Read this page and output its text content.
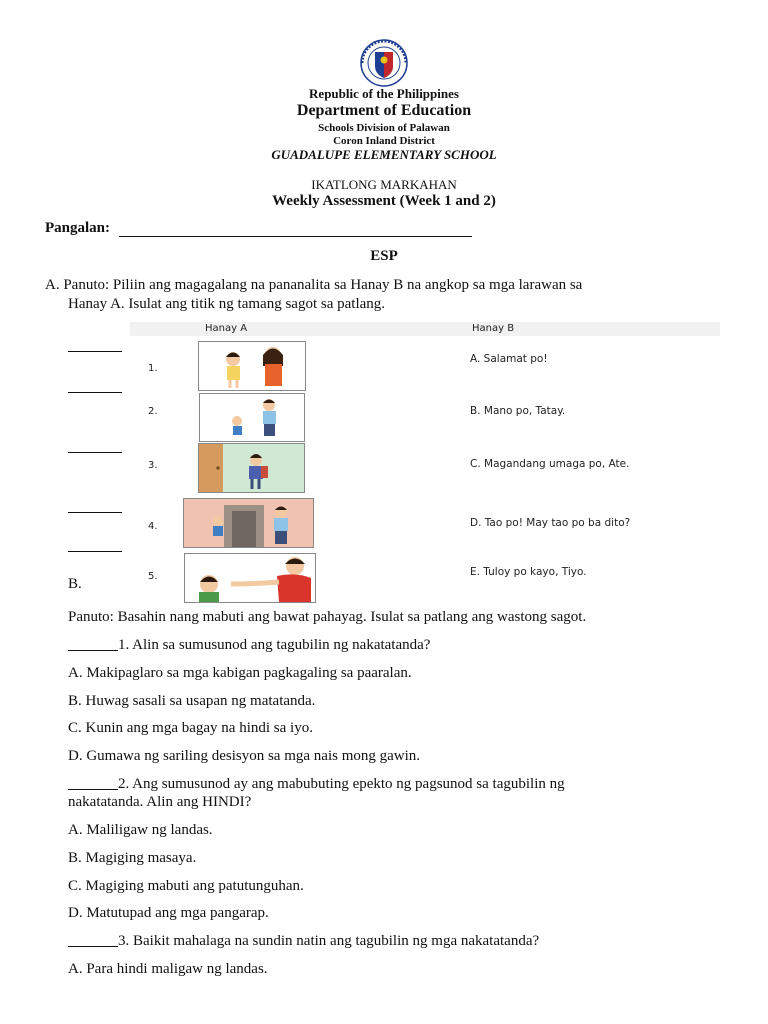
Republic of the Philippines
Department of Education
Schools Division of Palawan
Coron Inland District
GUADALUPE ELEMENTARY SCHOOL
IKATLONG MARKAHAN
Weekly Assessment (Week 1 and 2)
Pangalan:
ESP
A. Panuto: Piliin ang magagalang na pananalita sa Hanay B na angkop sa mga larawan sa
Hanay A. Isulat ang titik ng tamang sagot sa patlang.
Hanay A	Hanay B
1.
2.
3.
4.
5.
A. Salamat po!
B. Mano po, Tatay.
C. Magandang umaga po, Ate.
D. Tao po! May tao po ba dito?
E. Tuloy po kayo, Tiyo.
B.
Panuto: Basahin nang mabuti ang bawat pahayag. Isulat sa patlang ang wastong sagot.
1. Alin sa sumusunod ang tagubilin ng nakatatanda?
A. Makipaglaro sa mga kabigan pagkagaling sa paaralan.
B. Huwag sasali sa usapan ng matatanda.
C. Kunin ang mga bagay na hindi sa iyo.
D. Gumawa ng sariling desisyon sa mga nais mong gawin.
2. Ang sumusunod ay ang mabubuting epekto ng pagsunod sa tagubilin ng
nakatatanda. Alin ang HINDI?
A. Maliligaw ng landas.
B. Magiging masaya.
C. Magiging mabuti ang patutunguhan.
D. Matutupad ang mga pangarap.
3. Baikit mahalaga na sundin natin ang tagubilin ng mga nakatatanda?
A. Para hindi maligaw ng landas.
